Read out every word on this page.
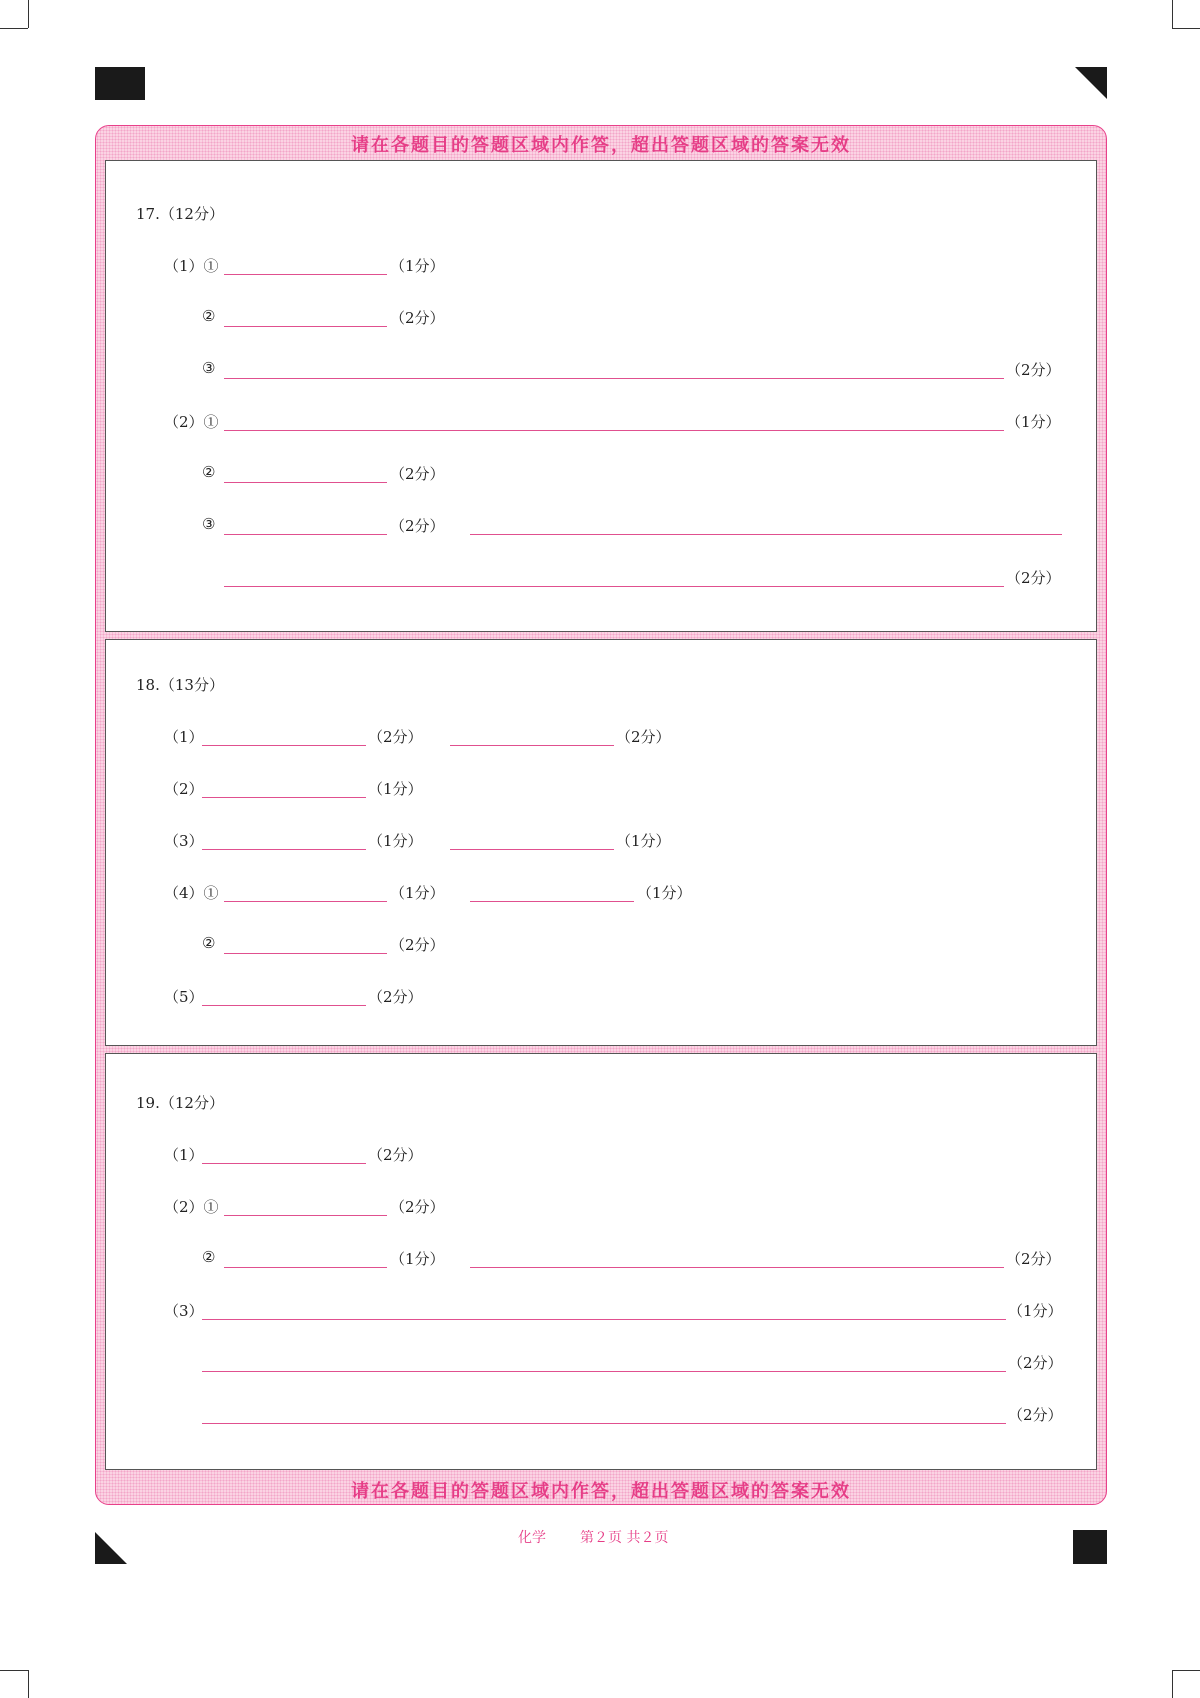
请在各题目的答题区域内作答，超出答题区域的答案无效
17.（12分）
（1）①	（1分）
②	（2分）
③	（2分）
（2）①	（1分）
②	（2分）
③	（2分）
（2分）
18.（13分）
（1）	（2分）	（2分）
（2）	（1分）
（3）	（1分）	（1分）
（4）①	（1分）	（1分）
②	（2分）
（5）	（2分）
19.（12分）
（1）	（2分）
（2）①	（2分）
②	（1分）	（2分）
（3）	（1分）
（2分）
（2分）
请在各题目的答题区域内作答，超出答题区域的答案无效
化学 第２页 共２页
